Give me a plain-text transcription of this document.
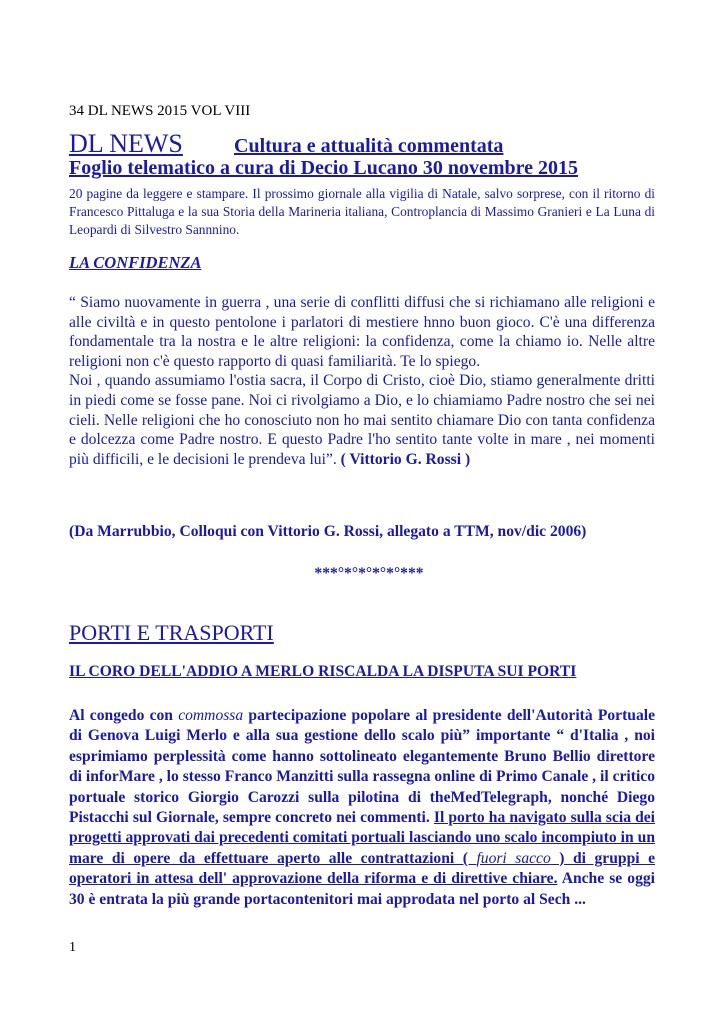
34 DL NEWS 2015 VOL VIII
DL NEWS	Cultura e attualità commentata
Foglio telematico a cura di Decio Lucano 30 novembre 2015
20 pagine da leggere e stampare. Il prossimo giornale alla vigilia di Natale, salvo sorprese, con il ritorno di Francesco Pittaluga e la sua Storia della Marineria italiana, Controplancia di Massimo Granieri e La Luna di Leopardi di Silvestro Sannnino.
LA CONFIDENZA

“ Siamo nuovamente in guerra , una serie di conflitti diffusi che si richiamano alle religioni e alle civiltà e in questo pentolone i parlatori di mestiere hnno buon gioco. C'è una differenza fondamentale tra la nostra e le altre religioni: la confidenza, come la chiamo io. Nelle altre religioni non c'è questo rapporto di quasi familiarità. Te lo spiego.

Noi , quando assumiamo l'ostia sacra, il Corpo di Cristo, cioè Dio, stiamo generalmente dritti in piedi come se fosse pane. Noi ci rivolgiamo a Dio, e lo chiamiamo Padre nostro che sei nei cieli. Nelle religioni che ho conosciuto non ho mai sentito chiamare Dio con tanta confidenza e dolcezza come Padre nostro. E questo Padre l'ho sentito tante volte in mare , nei momenti più difficili, e le decisioni le prendeva lui”. ( Vittorio G. Rossi )

(Da Marrubbio, Colloqui con Vittorio G. Rossi, allegato a TTM, nov/dic 2006)
***°*°*°*°*°***
PORTI E TRASPORTI
IL CORO DELL'ADDIO A MERLO RISCALDA LA DISPUTA SUI PORTI
Al congedo con commossa partecipazione popolare al presidente dell'Autorità Portuale di Genova Luigi Merlo e alla sua gestione dello scalo più” importante “ d'Italia , noi esprimiamo perplessità come hanno sottolineato elegantemente Bruno Bellio direttore di inforMare , lo stesso Franco Manzitti sulla rassegna online di Primo Canale , il critico portuale storico Giorgio Carozzi sulla pilotina di theMedTelegraph, nonché Diego Pistacchi sul Giornale, sempre concreto nei commenti. Il porto ha navigato sulla scia dei progetti approvati dai precedenti comitati portuali lasciando uno scalo incompiuto in un mare di opere da effettuare aperto alle contrattazioni ( fuori sacco ) di gruppi e operatori in attesa dell' approvazione della riforma e di direttive chiare. Anche se oggi 30 è entrata la più grande portacontenitori mai approdata nel porto al Sech ...
1
